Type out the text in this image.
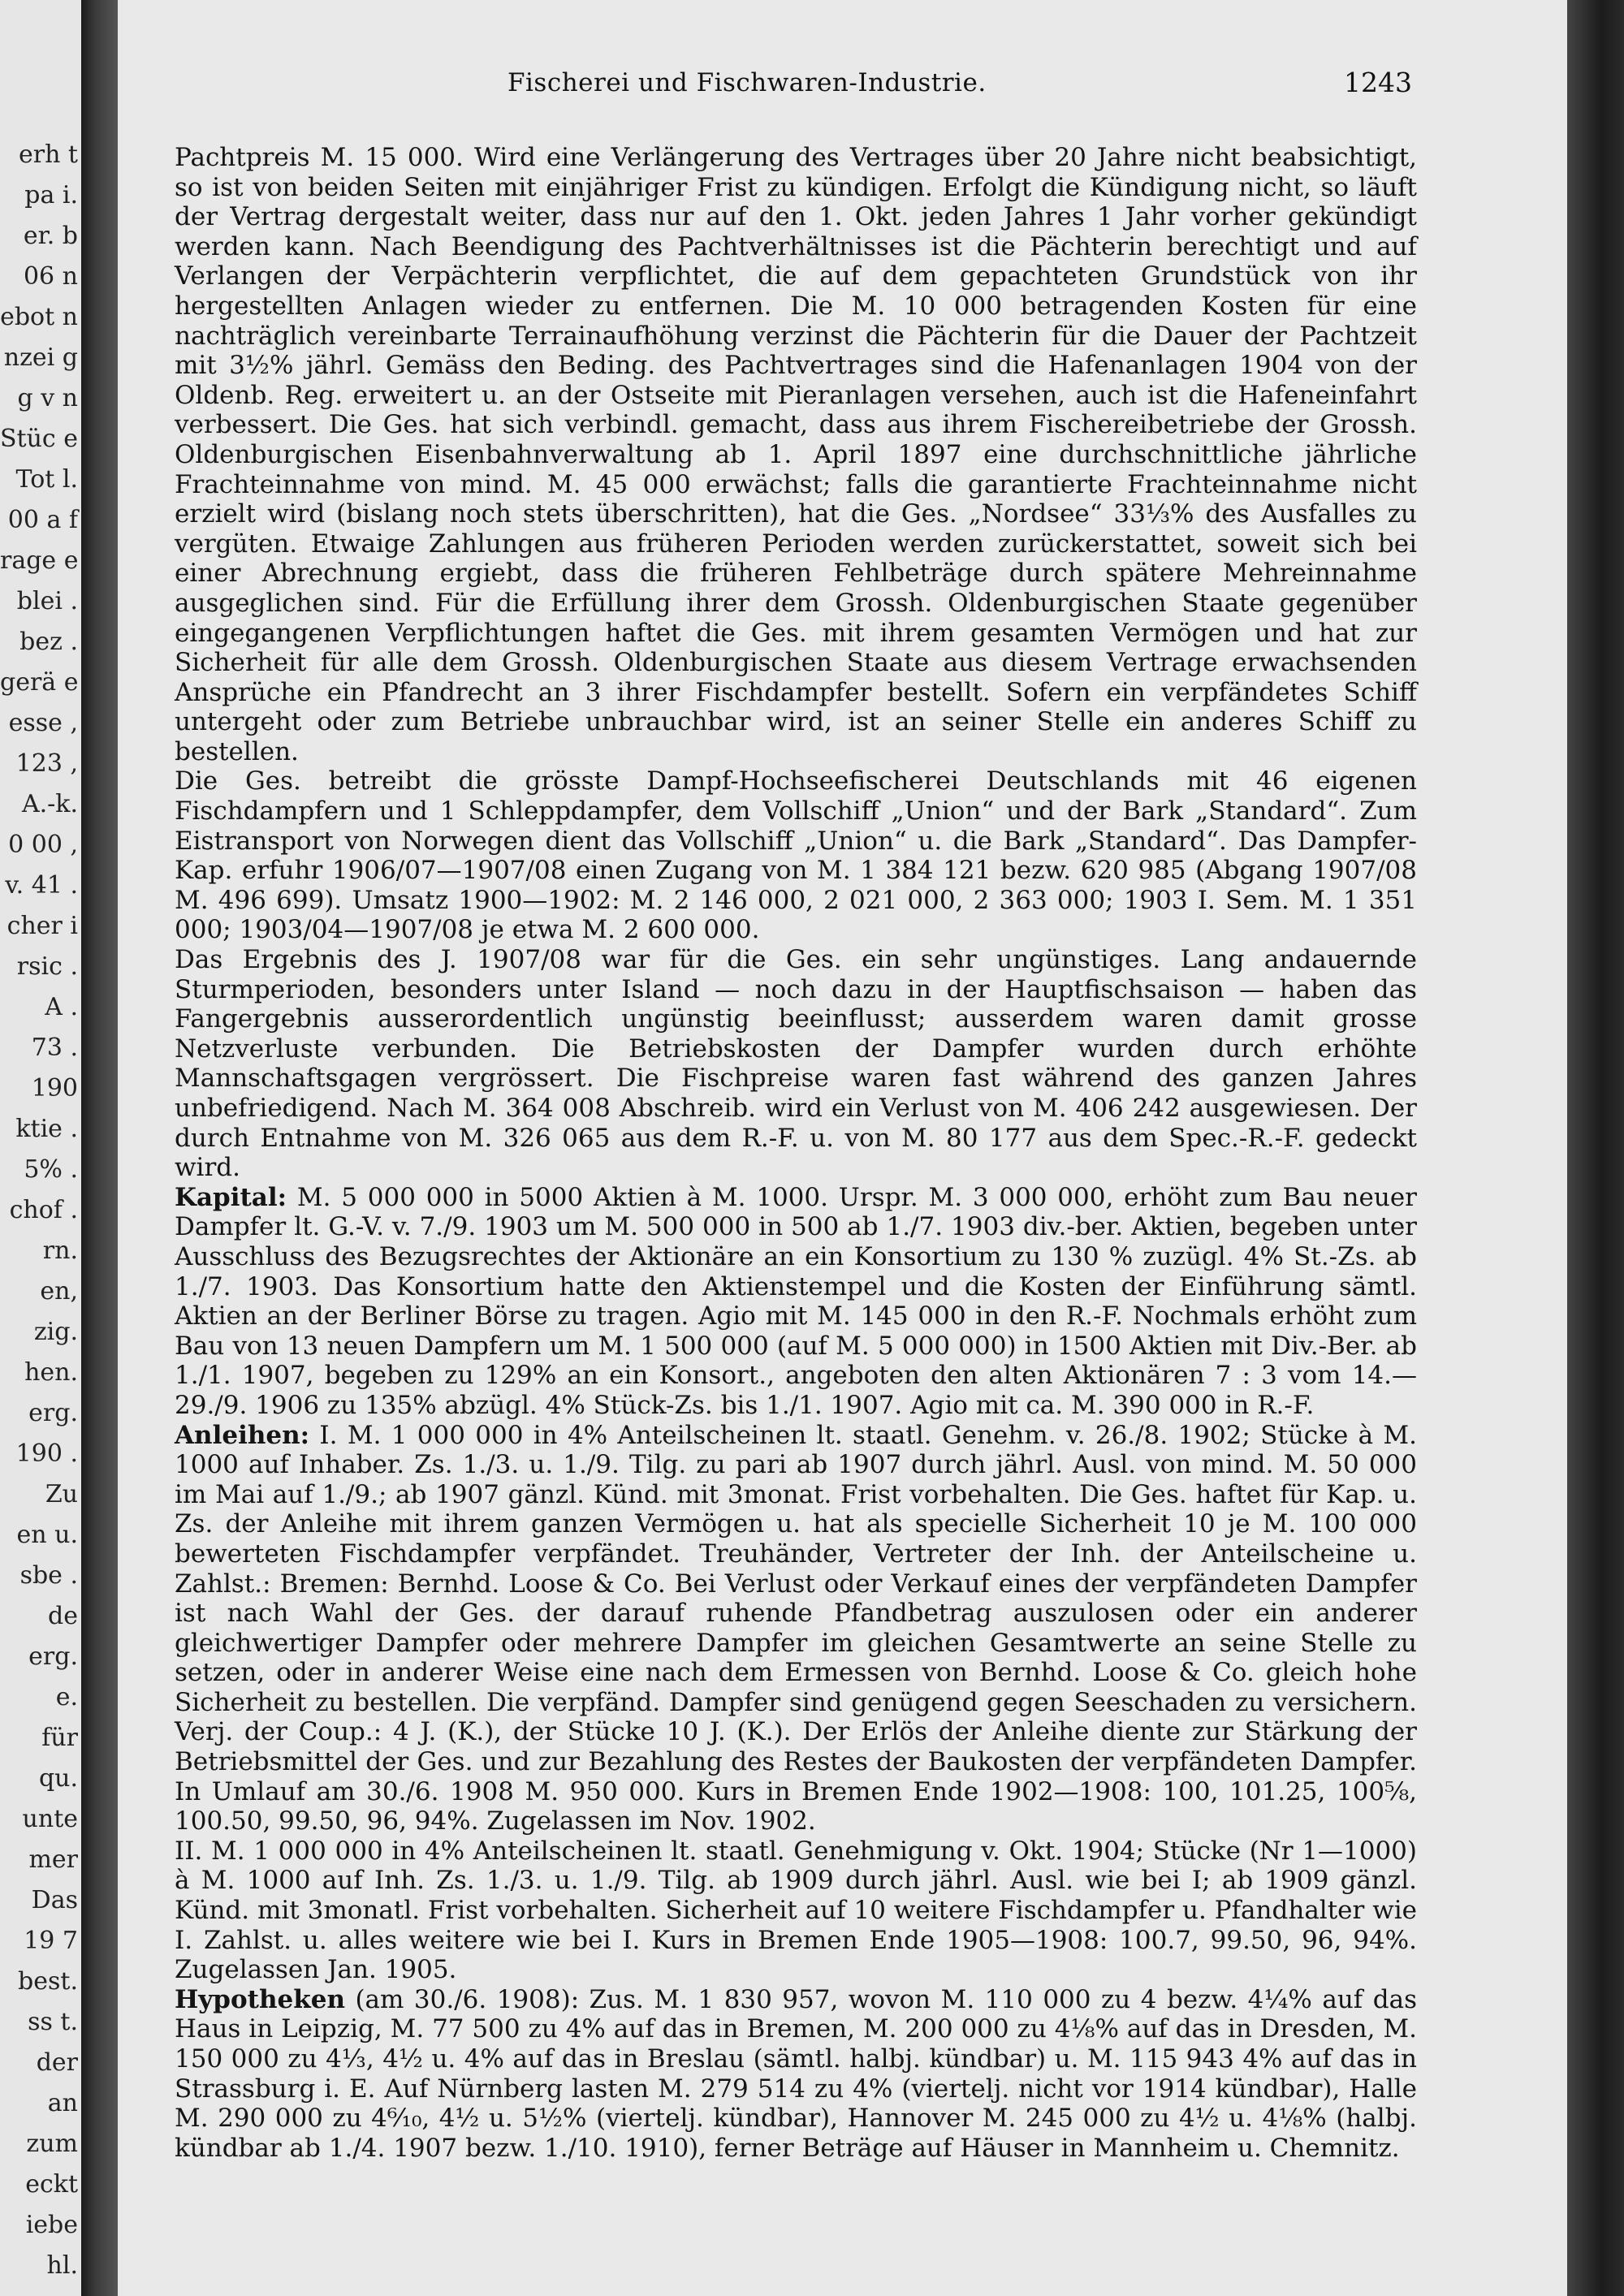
erh t
pa i.
er. b
06 n
ebot n
nzei g
g v n
Stüc e
Tot l.
00 a f
rage e
blei .
bez .
gerä e
esse ,
123 ,
A.-k.
0 00 ,
v. 41 .
cher i
rsic .
A .
73 .
190
ktie .
5% .
chof .
rn.
en,
zig.
hen.
erg.
190 .
Zu
en u.
sbe .
de
erg.
e.
für
qu.
unte
mer
Das
19 7
best.
ss t.
der
an
zum
eckt
iebe
hl.
Fischerei und Fischwaren-Industrie.	1243

Pachtpreis M. 15 000. Wird eine Verlängerung des Vertrages über 20 Jahre nicht beabsichtigt, so ist von beiden Seiten mit einjähriger Frist zu kündigen. Erfolgt die Kündigung nicht, so läuft der Vertrag dergestalt weiter, dass nur auf den 1. Okt. jeden Jahres 1 Jahr vorher gekündigt werden kann. Nach Beendigung des Pachtverhältnisses ist die Pächterin berechtigt und auf Verlangen der Verpächterin verpflichtet, die auf dem gepachteten Grundstück von ihr hergestellten Anlagen wieder zu entfernen. Die M. 10 000 betragenden Kosten für eine nachträglich vereinbarte Terrainaufhöhung verzinst die Pächterin für die Dauer der Pachtzeit mit 3½% jährl. Gemäss den Beding. des Pachtvertrages sind die Hafenanlagen 1904 von der Oldenb. Reg. erweitert u. an der Ostseite mit Pieranlagen versehen, auch ist die Hafeneinfahrt verbessert. Die Ges. hat sich verbindl. gemacht, dass aus ihrem Fischereibetriebe der Grossh. Oldenburgischen Eisenbahnverwaltung ab 1. April 1897 eine durchschnittliche jährliche Frachteinnahme von mind. M. 45 000 erwächst; falls die garantierte Frachteinnahme nicht erzielt wird (bislang noch stets überschritten), hat die Ges. „Nordsee“ 33⅓% des Ausfalles zu vergüten. Etwaige Zahlungen aus früheren Perioden werden zurückerstattet, soweit sich bei einer Abrechnung ergiebt, dass die früheren Fehlbeträge durch spätere Mehreinnahme ausgeglichen sind. Für die Erfüllung ihrer dem Grossh. Oldenburgischen Staate gegenüber eingegangenen Verpflichtungen haftet die Ges. mit ihrem gesamten Vermögen und hat zur Sicherheit für alle dem Grossh. Oldenburgischen Staate aus diesem Vertrage erwachsenden Ansprüche ein Pfandrecht an 3 ihrer Fischdampfer bestellt. Sofern ein verpfändetes Schiff untergeht oder zum Betriebe unbrauchbar wird, ist an seiner Stelle ein anderes Schiff zu bestellen.

Die Ges. betreibt die grösste Dampf-Hochseefischerei Deutschlands mit 46 eigenen Fischdampfern und 1 Schleppdampfer, dem Vollschiff „Union“ und der Bark „Standard“. Zum Eistransport von Norwegen dient das Vollschiff „Union“ u. die Bark „Standard“. Das Dampfer-Kap. erfuhr 1906/07—1907/08 einen Zugang von M. 1 384 121 bezw. 620 985 (Abgang 1907/08 M. 496 699). Umsatz 1900—1902: M. 2 146 000, 2 021 000, 2 363 000; 1903 I. Sem. M. 1 351 000; 1903/04—1907/08 je etwa M. 2 600 000.

Das Ergebnis des J. 1907/08 war für die Ges. ein sehr ungünstiges. Lang andauernde Sturmperioden, besonders unter Island — noch dazu in der Hauptfischsaison — haben das Fangergebnis ausserordentlich ungünstig beeinflusst; ausserdem waren damit grosse Netzverluste verbunden. Die Betriebskosten der Dampfer wurden durch erhöhte Mannschaftsgagen vergrössert. Die Fischpreise waren fast während des ganzen Jahres unbefriedigend. Nach M. 364 008 Abschreib. wird ein Verlust von M. 406 242 ausgewiesen. Der durch Entnahme von M. 326 065 aus dem R.-F. u. von M. 80 177 aus dem Spec.-R.-F. gedeckt wird.

Kapital: M. 5 000 000 in 5000 Aktien à M. 1000. Urspr. M. 3 000 000, erhöht zum Bau neuer Dampfer lt. G.-V. v. 7./9. 1903 um M. 500 000 in 500 ab 1./7. 1903 div.-ber. Aktien, begeben unter Ausschluss des Bezugsrechtes der Aktionäre an ein Konsortium zu 130 % zuzügl. 4% St.-Zs. ab 1./7. 1903. Das Konsortium hatte den Aktienstempel und die Kosten der Einführung sämtl. Aktien an der Berliner Börse zu tragen. Agio mit M. 145 000 in den R.-F. Nochmals erhöht zum Bau von 13 neuen Dampfern um M. 1 500 000 (auf M. 5 000 000) in 1500 Aktien mit Div.-Ber. ab 1./1. 1907, begeben zu 129% an ein Konsort., angeboten den alten Aktionären 7 : 3 vom 14.—29./9. 1906 zu 135% abzügl. 4% Stück-Zs. bis 1./1. 1907. Agio mit ca. M. 390 000 in R.-F.

Anleihen: I. M. 1 000 000 in 4% Anteilscheinen lt. staatl. Genehm. v. 26./8. 1902; Stücke à M. 1000 auf Inhaber. Zs. 1./3. u. 1./9. Tilg. zu pari ab 1907 durch jährl. Ausl. von mind. M. 50 000 im Mai auf 1./9.; ab 1907 gänzl. Künd. mit 3monat. Frist vorbehalten. Die Ges. haftet für Kap. u. Zs. der Anleihe mit ihrem ganzen Vermögen u. hat als specielle Sicherheit 10 je M. 100 000 bewerteten Fischdampfer verpfändet. Treuhänder, Vertreter der Inh. der Anteilscheine u. Zahlst.: Bremen: Bernhd. Loose & Co. Bei Verlust oder Verkauf eines der verpfändeten Dampfer ist nach Wahl der Ges. der darauf ruhende Pfandbetrag auszulosen oder ein anderer gleichwertiger Dampfer oder mehrere Dampfer im gleichen Gesamtwerte an seine Stelle zu setzen, oder in anderer Weise eine nach dem Ermessen von Bernhd. Loose & Co. gleich hohe Sicherheit zu bestellen. Die verpfänd. Dampfer sind genügend gegen Seeschaden zu versichern. Verj. der Coup.: 4 J. (K.), der Stücke 10 J. (K.). Der Erlös der Anleihe diente zur Stärkung der Betriebsmittel der Ges. und zur Bezahlung des Restes der Baukosten der verpfändeten Dampfer. In Umlauf am 30./6. 1908 M. 950 000. Kurs in Bremen Ende 1902—1908: 100, 101.25, 100⅝, 100.50, 99.50, 96, 94%. Zugelassen im Nov. 1902.

II. M. 1 000 000 in 4% Anteilscheinen lt. staatl. Genehmigung v. Okt. 1904; Stücke (Nr 1—1000) à M. 1000 auf Inh. Zs. 1./3. u. 1./9. Tilg. ab 1909 durch jährl. Ausl. wie bei I; ab 1909 gänzl. Künd. mit 3monatl. Frist vorbehalten. Sicherheit auf 10 weitere Fischdampfer u. Pfandhalter wie I. Zahlst. u. alles weitere wie bei I. Kurs in Bremen Ende 1905—1908: 100.7, 99.50, 96, 94%. Zugelassen Jan. 1905.

Hypotheken (am 30./6. 1908): Zus. M. 1 830 957, wovon M. 110 000 zu 4 bezw. 4¼% auf das Haus in Leipzig, M. 77 500 zu 4% auf das in Bremen, M. 200 000 zu 4⅛% auf das in Dresden, M. 150 000 zu 4⅓, 4½ u. 4% auf das in Breslau (sämtl. halbj. kündbar) u. M. 115 943 4% auf das in Strassburg i. E. Auf Nürnberg lasten M. 279 514 zu 4% (viertelj. nicht vor 1914 kündbar), Halle M. 290 000 zu 4⁶⁄₁₀, 4½ u. 5½% (viertelj. kündbar), Hannover M. 245 000 zu 4½ u. 4⅛% (halbj. kündbar ab 1./4. 1907 bezw. 1./10. 1910), ferner Beträge auf Häuser in Mannheim u. Chemnitz.
